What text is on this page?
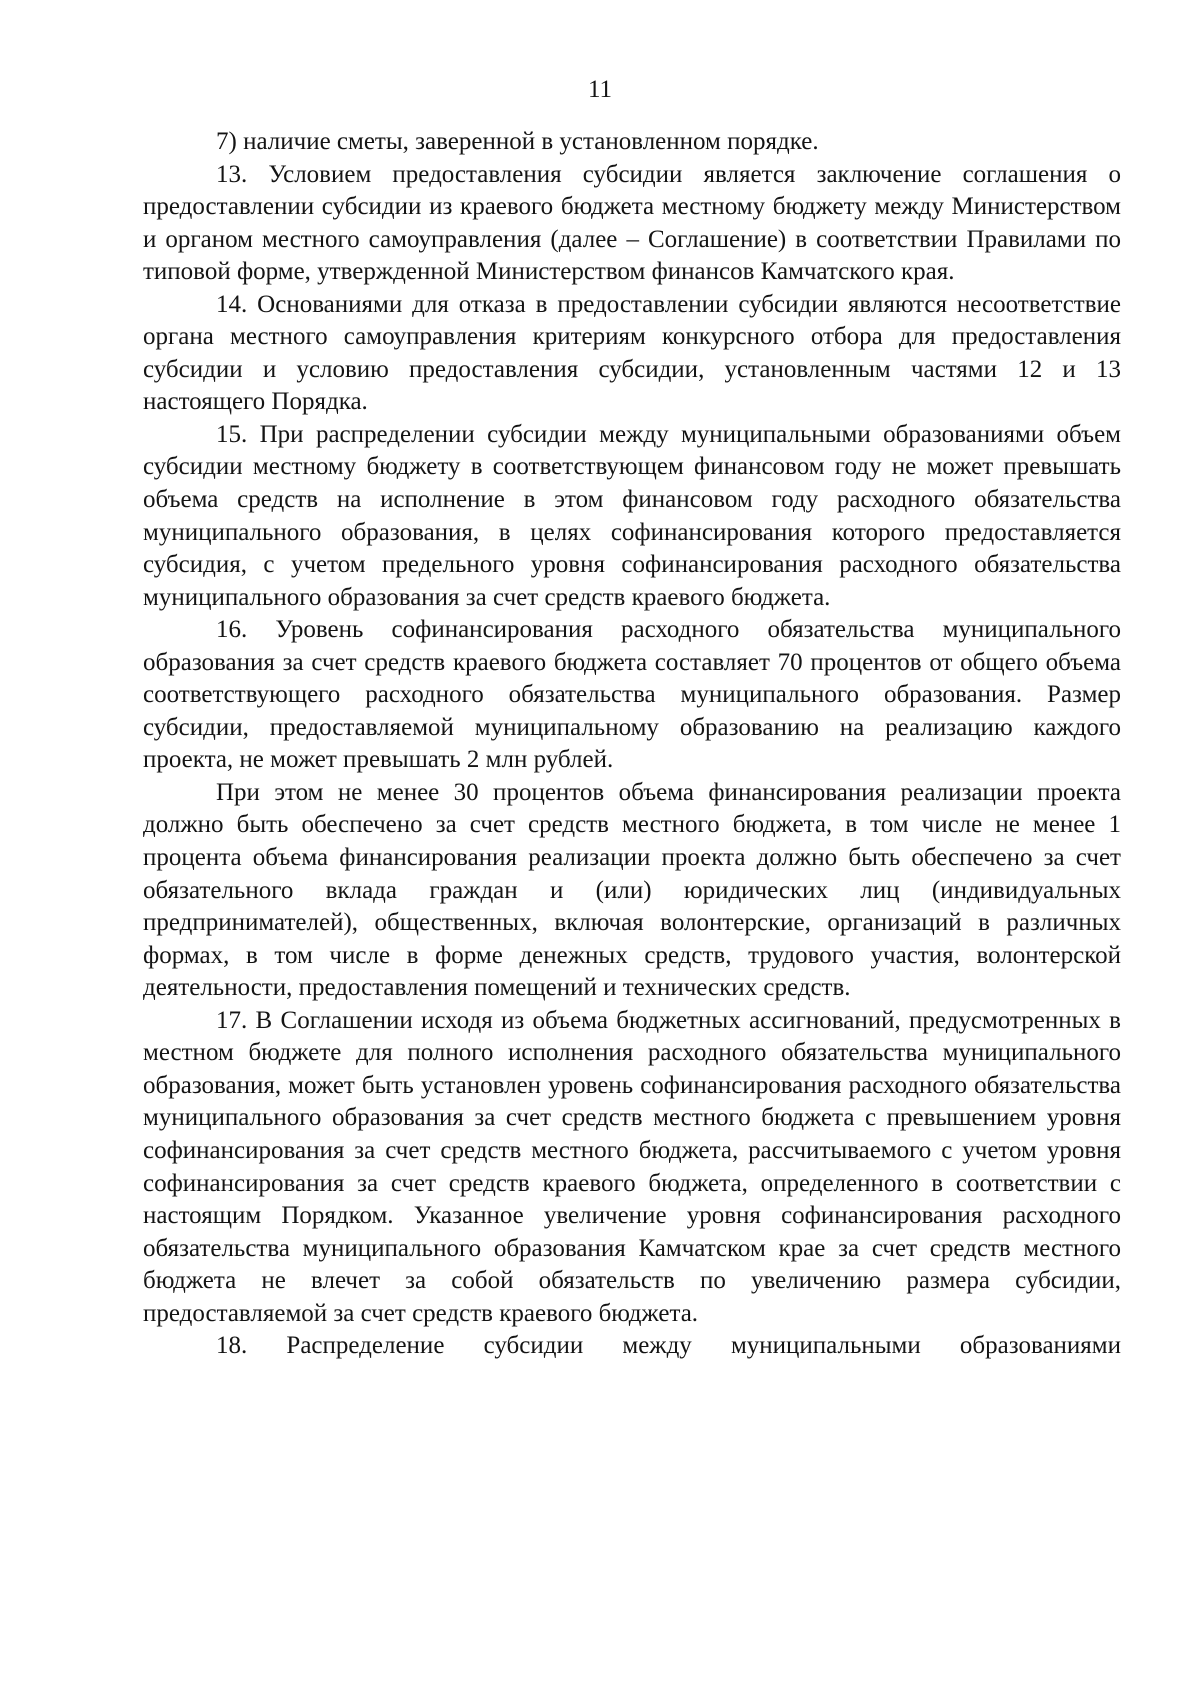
11

7) наличие сметы, заверенной в установленном порядке.

13. Условием предоставления субсидии является заключение соглашения о предоставлении субсидии из краевого бюджета местному бюджету между Министерством и органом местного самоуправления (далее – Соглашение) в соответствии Правилами по типовой форме, утвержденной Министерством финансов Камчатского края.

14. Основаниями для отказа в предоставлении субсидии являются несоответствие органа местного самоуправления критериям конкурсного отбора для предоставления субсидии и условию предоставления субсидии, установленным частями 12 и 13 настоящего Порядка.

15. При распределении субсидии между муниципальными образованиями объем субсидии местному бюджету в соответствующем финансовом году не может превышать объема средств на исполнение в этом финансовом году расходного обязательства муниципального образования, в целях софинансирования которого предоставляется субсидия, с учетом предельного уровня софинансирования расходного обязательства муниципального образования за счет средств краевого бюджета.

16. Уровень софинансирования расходного обязательства муниципального образования за счет средств краевого бюджета составляет 70 процентов от общего объема соответствующего расходного обязательства муниципального образования. Размер субсидии, предоставляемой муниципальному образованию на реализацию каждого проекта, не может превышать 2 млн рублей.

При этом не менее 30 процентов объема финансирования реализации проекта должно быть обеспечено за счет средств местного бюджета, в том числе не менее 1 процента объема финансирования реализации проекта должно быть обеспечено за счет обязательного вклада граждан и (или) юридических лиц (индивидуальных предпринимателей), общественных, включая волонтерские, организаций в различных формах, в том числе в форме денежных средств, трудового участия, волонтерской деятельности, предоставления помещений и технических средств.

17. В Соглашении исходя из объема бюджетных ассигнований, предусмотренных в местном бюджете для полного исполнения расходного обязательства муниципального образования, может быть установлен уровень софинансирования расходного обязательства муниципального образования за счет средств местного бюджета с превышением уровня софинансирования за счет средств местного бюджета, рассчитываемого с учетом уровня софинансирования за счет средств краевого бюджета, определенного в соответствии с настоящим Порядком. Указанное увеличение уровня софинансирования расходного обязательства муниципального образования Камчатском крае за счет средств местного бюджета не влечет за собой обязательств по увеличению размера субсидии, предоставляемой за счет средств краевого бюджета.

18. Распределение субсидии между муниципальными образованиями
